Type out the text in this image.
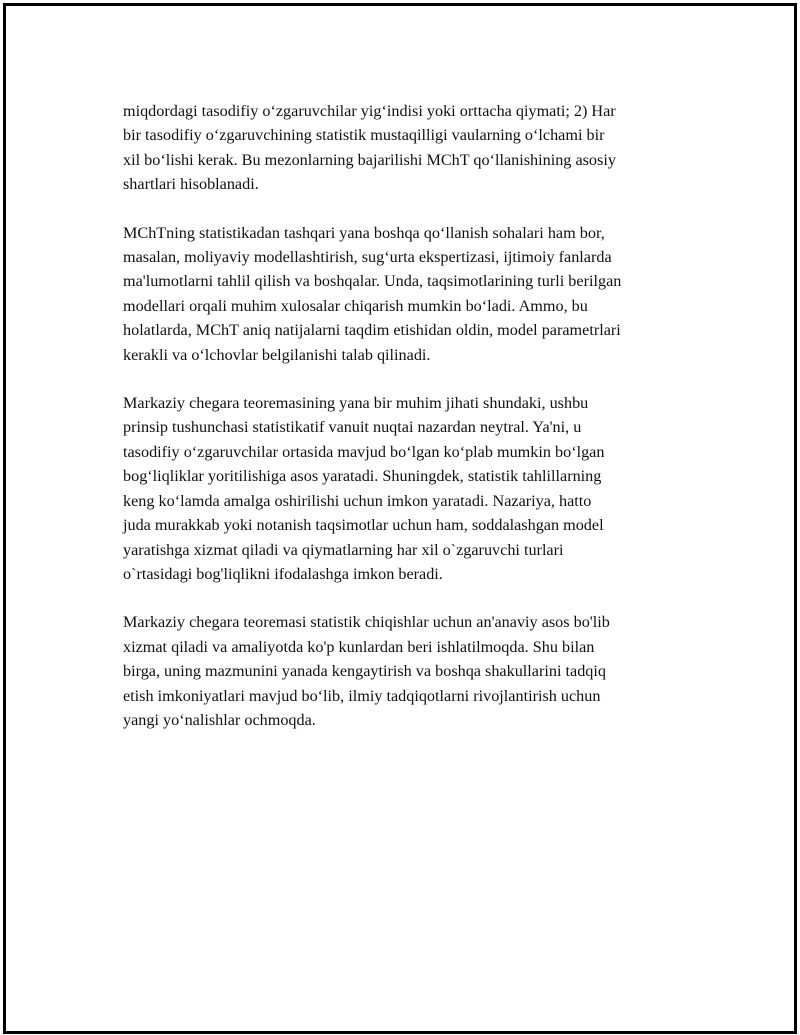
miqdordagi tasodifiy o‘zgaruvchilar yig‘indisi yoki orttacha qiymati; 2) Har
bir tasodifiy o‘zgaruvchining statistik mustaqilligi vaularning o‘lchami bir
xil bo‘lishi kerak. Bu mezonlarning bajarilishi MChT qo‘llanishining asosiy
shartlari hisoblanadi.

MChTning statistikadan tashqari yana boshqa qo‘llanish sohalari ham bor,
masalan, moliyaviy modellashtirish, sug‘urta ekspertizasi, ijtimoiy fanlarda
ma'lumotlarni tahlil qilish va boshqalar. Unda, taqsimotlarining turli berilgan
modellari orqali muhim xulosalar chiqarish mumkin bo‘ladi. Ammo, bu
holatlarda, MChT aniq natijalarni taqdim etishidan oldin, model parametrlari
kerakli va o‘lchovlar belgilanishi talab qilinadi.

Markaziy chegara teoremasining yana bir muhim jihati shundaki, ushbu
prinsip tushunchasi statistikatif vanuit nuqtai nazardan neytral. Ya'ni, u
tasodifiy o‘zgaruvchilar ortasida mavjud bo‘lgan ko‘plab mumkin bo‘lgan
bog‘liqliklar yoritilishiga asos yaratadi. Shuningdek, statistik tahlillarning
keng ko‘lamda amalga oshirilishi uchun imkon yaratadi. Nazariya, hatto
juda murakkab yoki notanish taqsimotlar uchun ham, soddalashgan model
yaratishga xizmat qiladi va qiymatlarning har xil o`zgaruvchi turlari
o`rtasidagi bog'liqlikni ifodalashga imkon beradi.

Markaziy chegara teoremasi statistik chiqishlar uchun an'anaviy asos bo'lib
xizmat qiladi va amaliyotda ko'p kunlardan beri ishlatilmoqda. Shu bilan
birga, uning mazmunini yanada kengaytirish va boshqa shakullarini tadqiq
etish imkoniyatlari mavjud bo‘lib, ilmiy tadqiqotlarni rivojlantirish uchun
yangi yo‘nalishlar ochmoqda.
